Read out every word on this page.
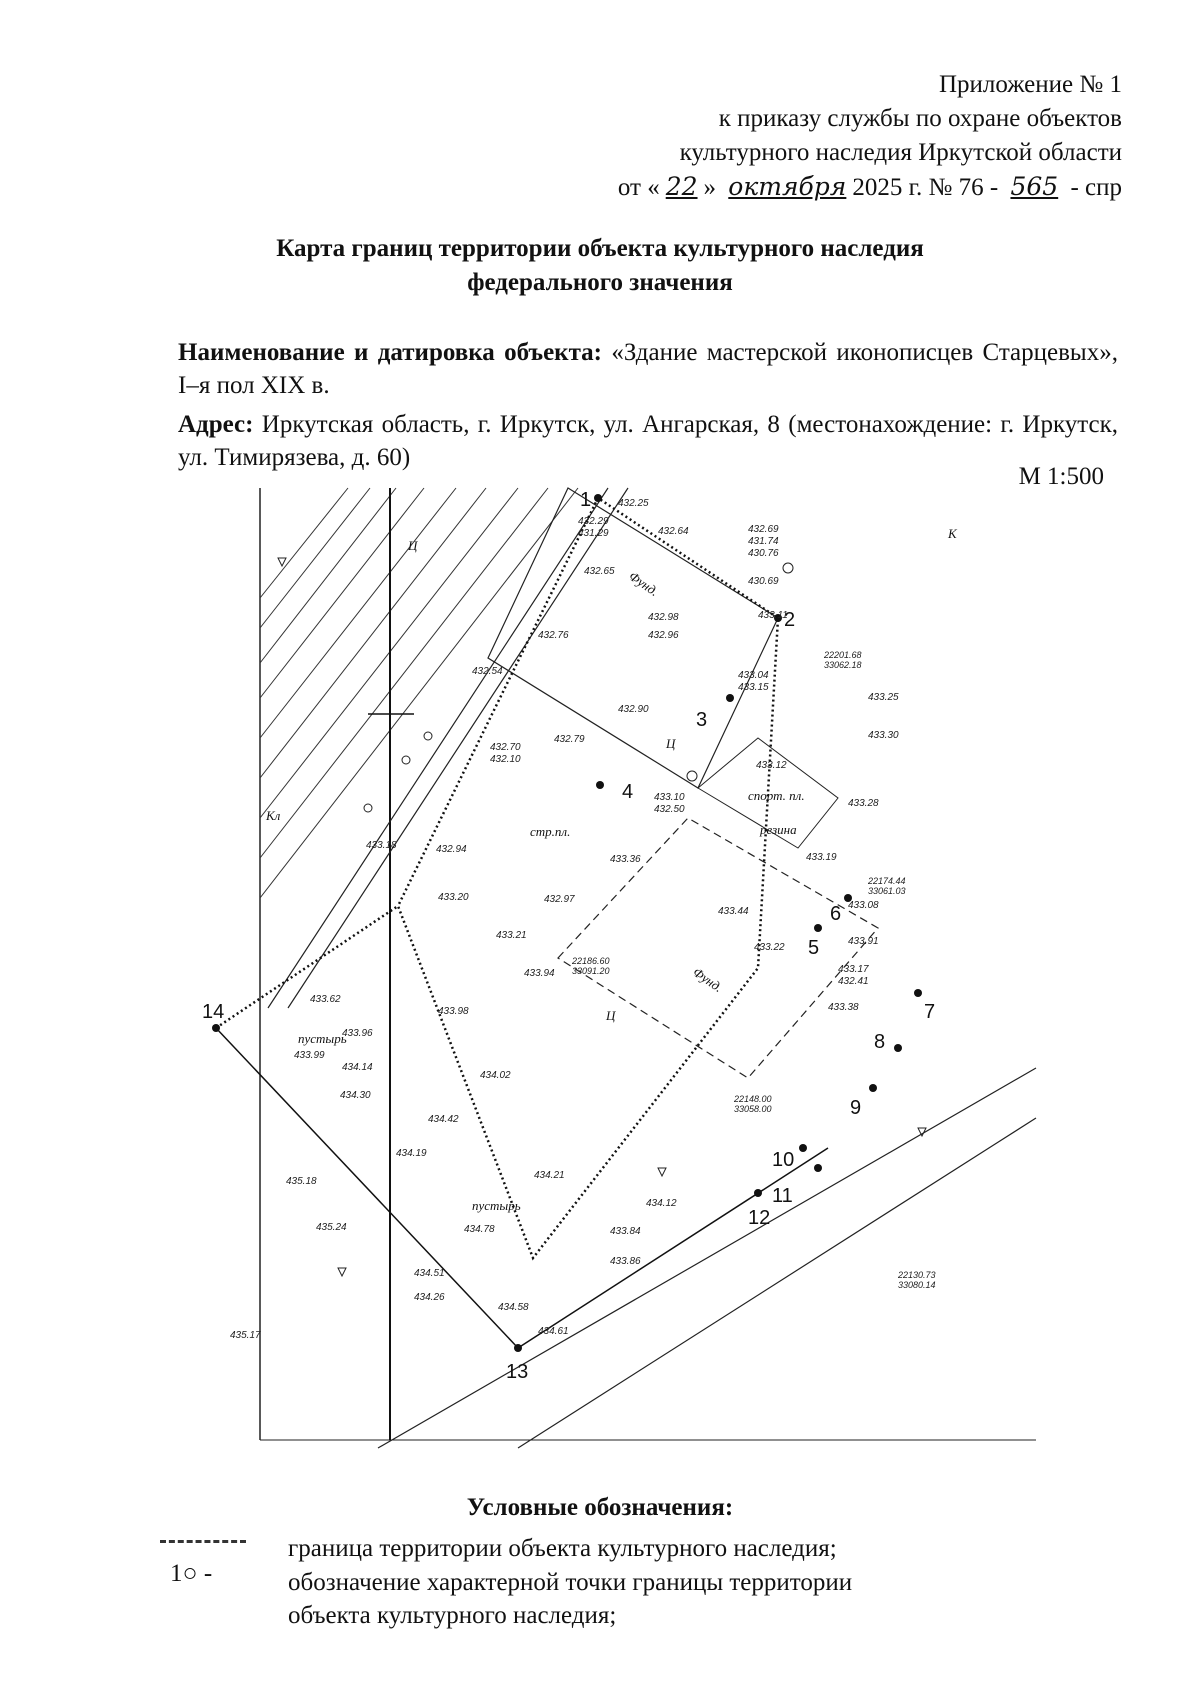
Приложение № 1
к приказу службы по охране объектов
культурного наследия Иркутской области
от « 22 » октября 2025 г. № 76 - 565 - спр
Карта границ территории объекта культурного наследия
федерального значения

Наименование и датировка объекта: «Здание мастерской иконописцев Старцевых», I–я пол XIX в.

Адрес: Иркутская область, г. Иркутск, ул. Ангарская, 8 (местонахождение: г. Иркутск, ул. Тимирязева, д. 60)

М 1:500
1
2
3
4
5
6
7
8
9
10
11
12
13
14
стр.пл.
спорт. пл.
резина
Фунд.
Фунд.
пустырь
пустырь
Ц
Ц
Ц
Кл
К
432.25
432.29
431.29	432.64	432.69
431.74
430.76
432.98
430.69
432.65
432.96
432.76
433.11
432.54
432.70
432.10
432.79
432.90
433.04
433.15
433.12
433.18
433.25
433.30
433.10
432.50
433.36	433.19
432.94
433.20	432.97
433.21
433.94
433.98
433.62
433.96
433.99
434.14
434.02
434.30
434.42
434.19
434.21
434.12
434.78
434.51
434.26
434.58
434.61
435.18
435.24
435.17
433.84
433.86
433.08
433.91
433.28
433.17
432.41
433.38
433.44
433.22
22186.60
33091.20
22148.00
33058.00
22174.44
33061.03
22201.68
33062.18
22130.73
33080.14
Условные обозначения:
граница территории объекта культурного наследия;
1○ -	обозначение характерной точки границы территории
объекта культурного наследия;
